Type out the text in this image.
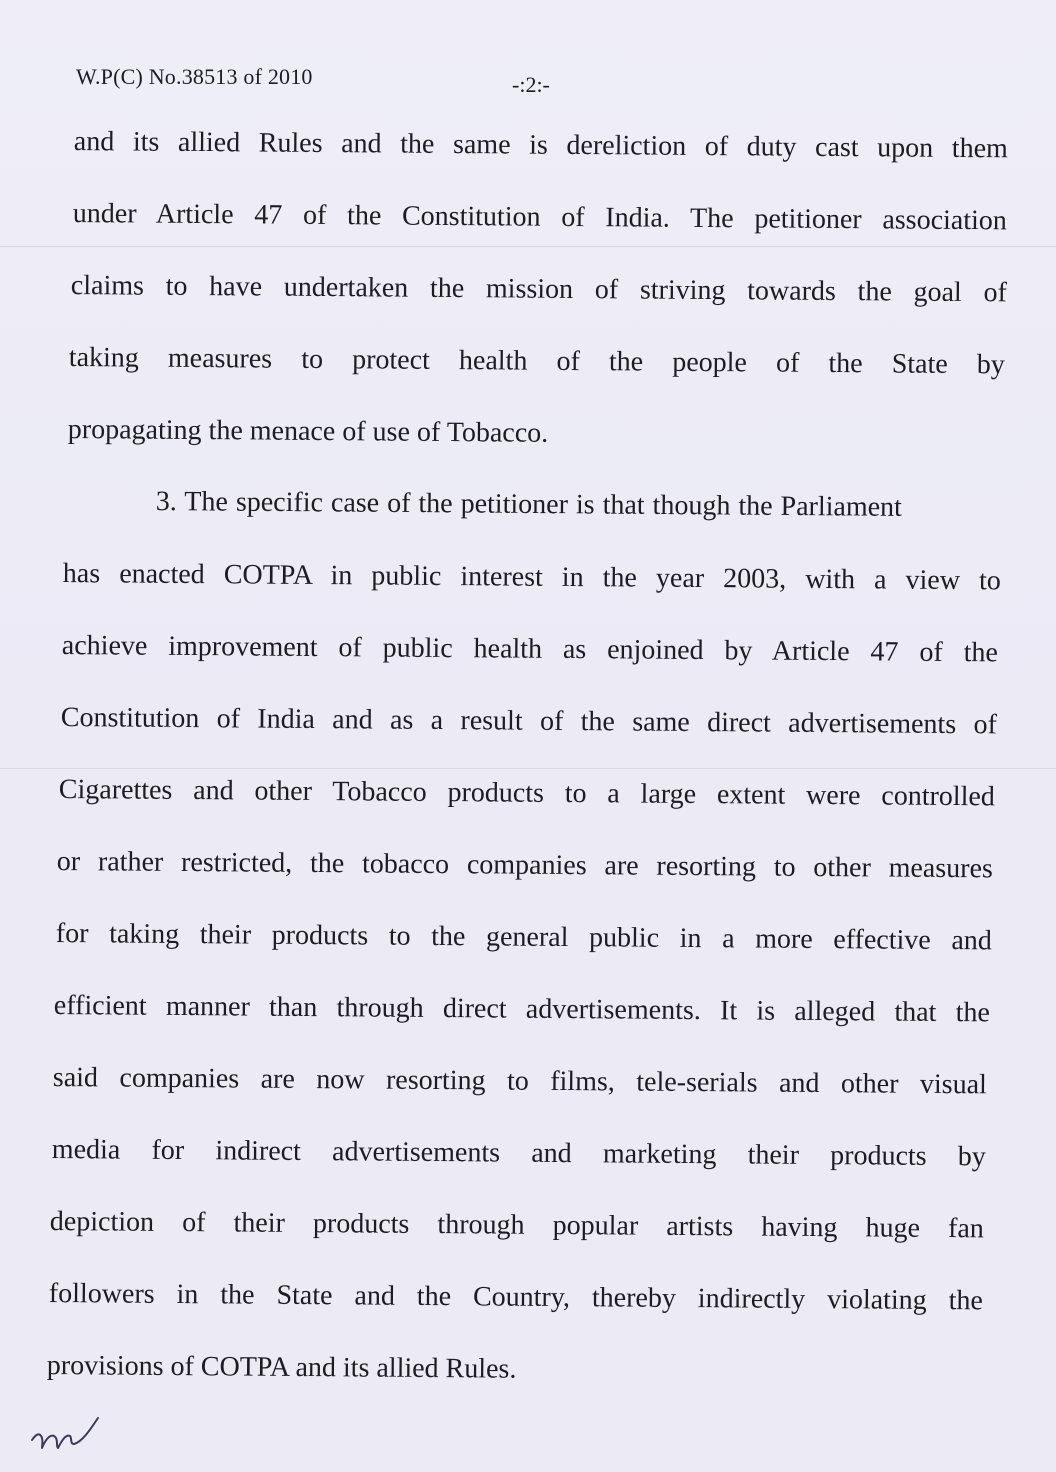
W.P(C) No.38513 of 2010	-:2:-
and its allied Rules and the same is dereliction of duty cast upon them
under Article 47 of the Constitution of India. The petitioner association
claims to have undertaken the mission of striving towards the goal of
taking measures to protect health of the people of the State by
propagating the menace of use of Tobacco.
3. The specific case of the petitioner is that though the Parliament
has enacted COTPA in public interest in the year 2003, with a view to
achieve improvement of public health as enjoined by Article 47 of the
Constitution of India and as a result of the same direct advertisements of
Cigarettes and other Tobacco products to a large extent were controlled
or rather restricted, the tobacco companies are resorting to other measures
for taking their products to the general public in a more effective and
efficient manner than through direct advertisements. It is alleged that the
said companies are now resorting to films, tele-serials and other visual
media for indirect advertisements and marketing their products by
depiction of their products through popular artists having huge fan
followers in the State and the Country, thereby indirectly violating the
provisions of COTPA and its allied Rules.
